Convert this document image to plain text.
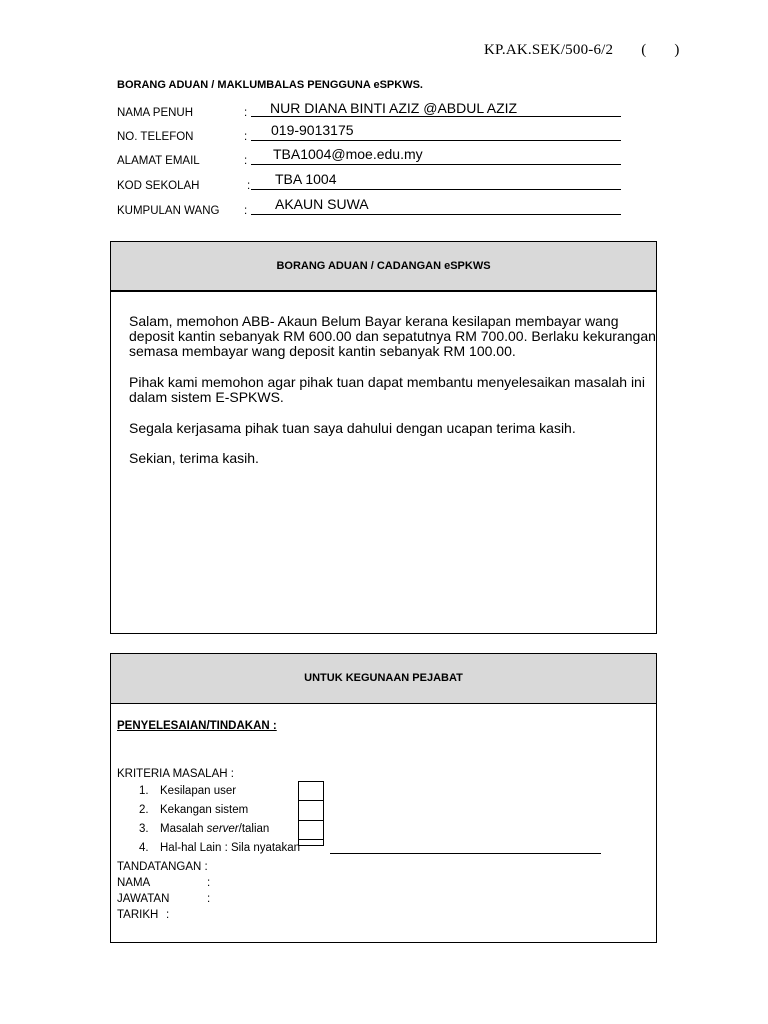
KP.AK.SEK/500-6/2 ( )
BORANG ADUAN / MAKLUMBALAS PENGGUNA eSPKWS.
NAMA PENUH	: NUR DIANA BINTI AZIZ @ABDUL AZIZ
NO. TELEFON	: 019-9013175
ALAMAT EMAIL	: TBA1004@moe.edu.my
KOD SEKOLAH	: TBA 1004
KUMPULAN WANG : AKAUN SUWA
BORANG ADUAN / CADANGAN eSPKWS
Salam, memohon ABB- Akaun Belum Bayar kerana kesilapan membayar wang deposit kantin sebanyak RM 600.00 dan sepatutnya RM 700.00. Berlaku kekurangan semasa membayar wang deposit kantin sebanyak RM 100.00.
Pihak kami memohon agar pihak tuan dapat membantu menyelesaikan masalah ini dalam sistem E-SPKWS.
Segala kerjasama pihak tuan saya dahului dengan ucapan terima kasih.
Sekian, terima kasih.
UNTUK KEGUNAAN PEJABAT
PENYELESAIAN/TINDAKAN :
KRITERIA MASALAH :
1. Kesilapan user
2. Kekangan sistem
3. Masalah server/talian
4. Hal-hal Lain : Sila nyatakan
TANDATANGAN :
NAMA	:
JAWATAN	:
TARIKH :
